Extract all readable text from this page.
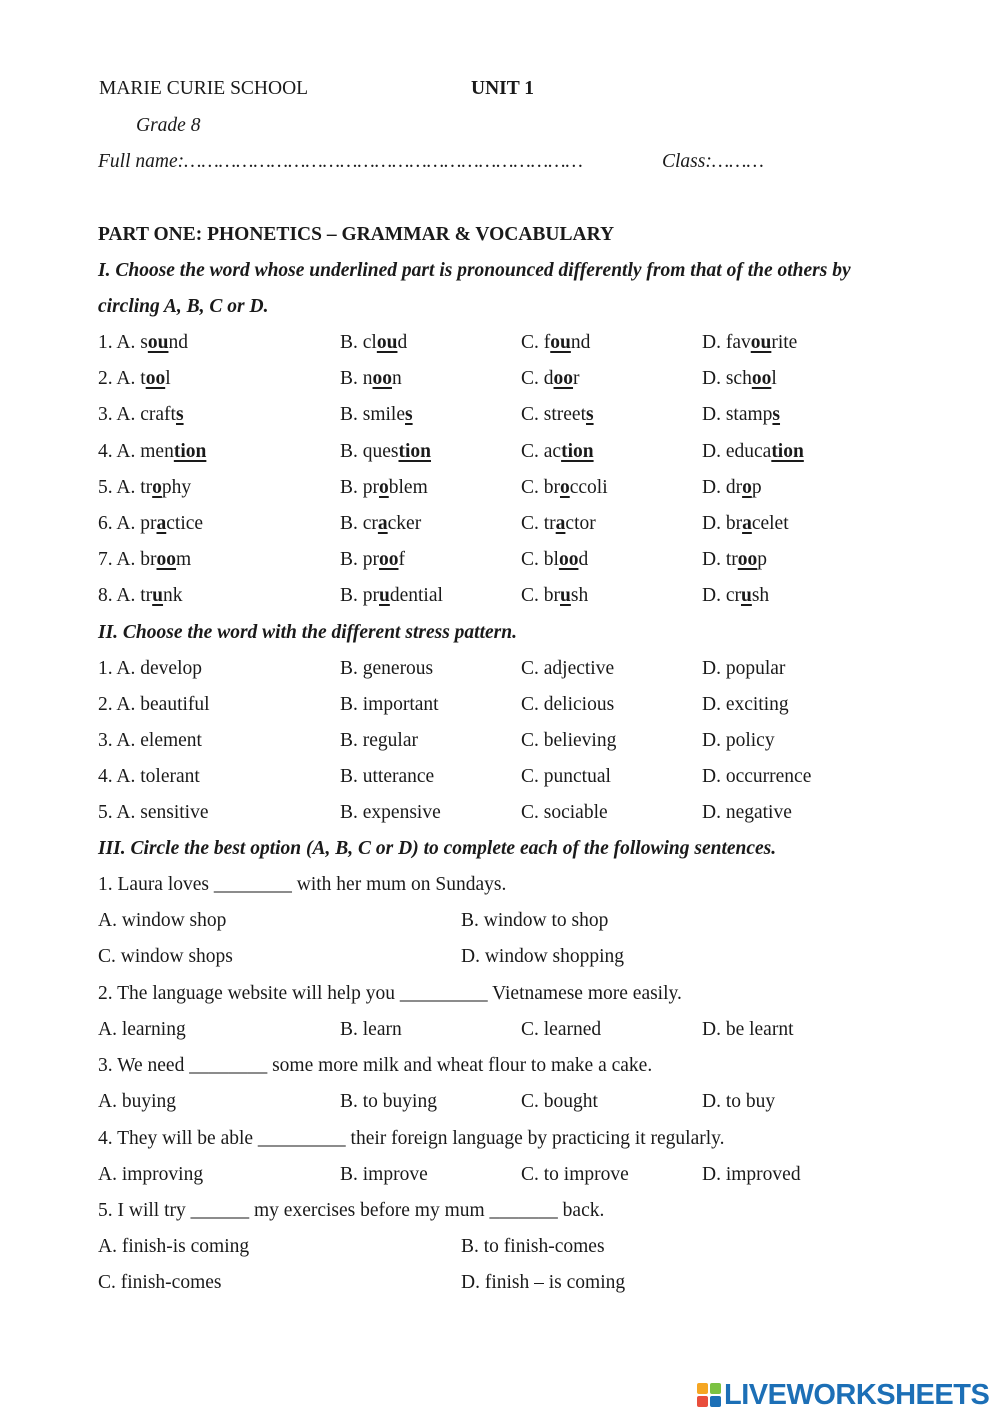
MARIE CURIE SCHOOL	UNIT 1
Grade 8
Full name:……………………………………………………………	Class:………
PART ONE: PHONETICS – GRAMMAR & VOCABULARY
I. Choose the word whose underlined part is pronounced differently from that of the others by
circling A, B, C or D.
1. A. sound	B. cloud	C. found	D. favourite
2. A. tool	B. noon	C. door	D. school
3. A. crafts	B. smiles	C. streets	D. stamps
4. A. mention	B. question	C. action	D. education
5. A. trophy	B. problem	C. broccoli	D. drop
6. A. practice	B. cracker	C. tractor	D. bracelet
7. A. broom	B. proof	C. blood	D. troop
8. A. trunk	B. prudential	C. brush	D. crush
II. Choose the word with the different stress pattern.
1. A. develop	B. generous	C. adjective	D. popular
2. A. beautiful	B. important	C. delicious	D. exciting
3. A. element	B. regular	C. believing	D. policy
4. A. tolerant	B. utterance	C. punctual	D. occurrence
5. A. sensitive	B. expensive	C. sociable	D. negative
III. Circle the best option (A, B, C or D) to complete each of the following sentences.
1. Laura loves ________ with her mum on Sundays.
A. window shop	B. window to shop
C. window shops	D. window shopping
2. The language website will help you _________ Vietnamese more easily.
A. learning	B. learn	C. learned	D. be learnt
3. We need ________ some more milk and wheat flour to make a cake.
A. buying	B. to buying	C. bought	D. to buy
4. They will be able _________ their foreign language by practicing it regularly.
A. improving	B. improve	C. to improve	D. improved
5. I will try ______ my exercises before my mum _______ back.
A. finish-is coming	B. to finish-comes
C. finish-comes	D. finish – is coming
LIVEWORKSHEETS
